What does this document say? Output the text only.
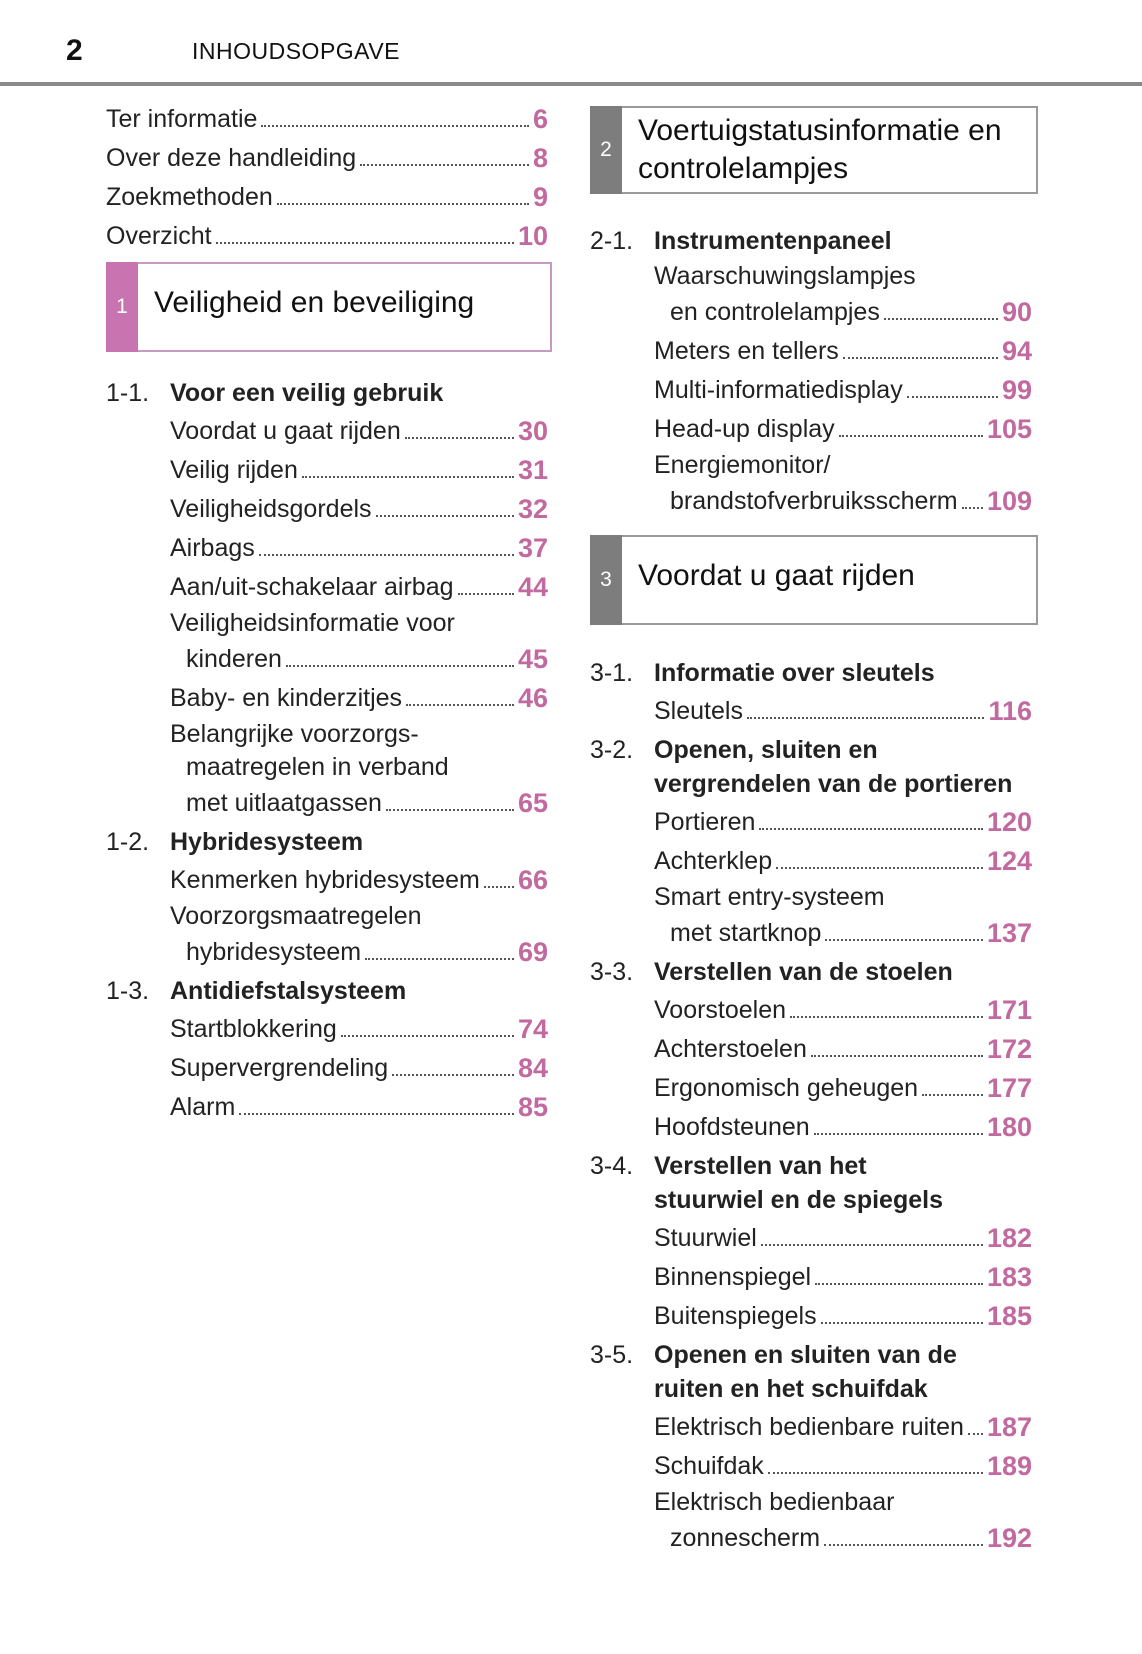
2	INHOUDSOPGAVE
Ter informatie	6
Over deze handleiding	8
Zoekmethoden	9
Overzicht	10
1 Veiligheid en beveiliging
1-1. Voor een veilig gebruik
Voordat u gaat rijden	30
Veilig rijden	31
Veiligheidsgordels	32
Airbags	37
Aan/uit-schakelaar airbag 44
Veiligheidsinformatie voor
kinderen	45
Baby- en kinderzitjes	46
Belangrijke voorzorgs-
maatregelen in verband
met uitlaatgassen	65
1-2. Hybridesysteem
Kenmerken hybridesysteem 66
Voorzorgsmaatregelen
hybridesysteem	69
1-3. Antidiefstalsysteem
Startblokkering	74
Supervergrendeling	84
Alarm	85
2
Voertuigstatusinformatie en controlelampjes
2-1. Instrumentenpaneel
Waarschuwingslampjes
en controlelampjes	90
Meters en tellers	94
Multi-informatiedisplay	99
Head-up display	105
Energiemonitor/
brandstofverbruiksscherm 109
3 Voordat u gaat rijden
3-1. Informatie over sleutels
Sleutels	116
3-2. Openen, sluiten en vergrendelen van de portieren
Portieren	120
Achterklep	124
Smart entry-systeem
met startknop	137
3-3. Verstellen van de stoelen
Voorstoelen	171
Achterstoelen	172
Ergonomisch geheugen	177
Hoofdsteunen	180
3-4. Verstellen van het stuurwiel en de spiegels
Stuurwiel	182
Binnenspiegel	183
Buitenspiegels	185
3-5. Openen en sluiten van de ruiten en het schuifdak
Elektrisch bedienbare ruiten 187
Schuifdak	189
Elektrisch bedienbaar
zonnescherm	192
